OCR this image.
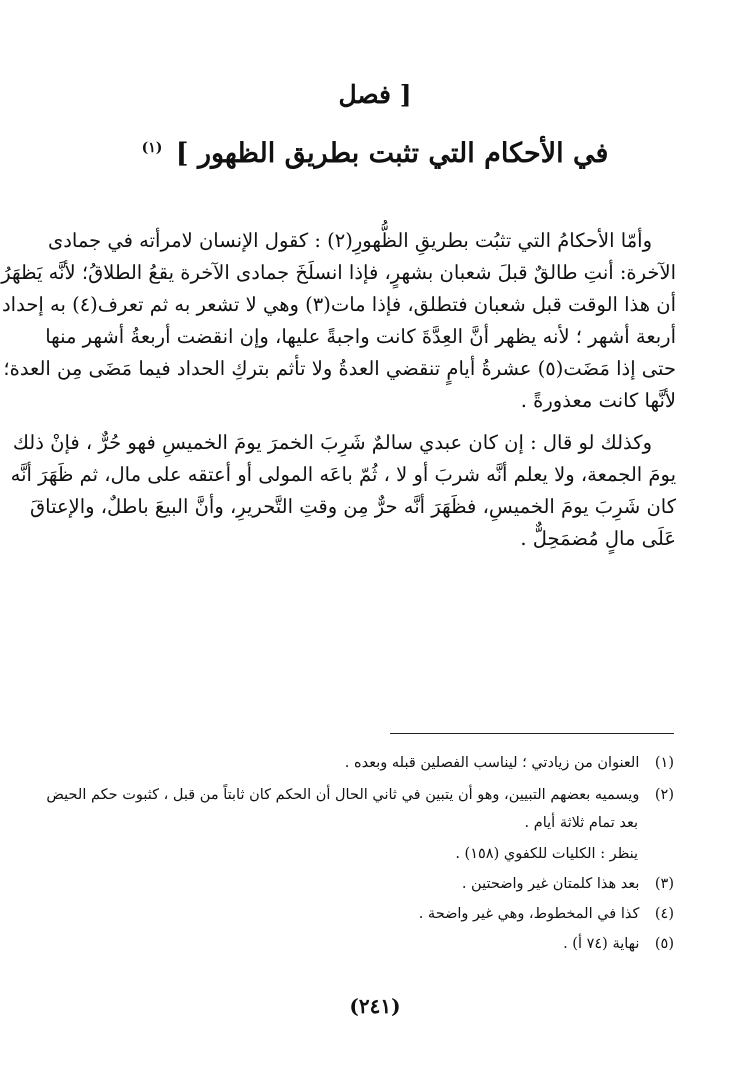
[ فصل
في الأحكام التي تثبت بطريق الظهور ] $^{(١)}$
وأمّا الأحكامُ التي تثبُت بطريقِ الظُّهورِ(٢) : كقول الإنسان لامرأته في جمادى
الآخرة: أنتِ طالقٌ قبلَ شعبان بشهرٍ، فإذا انسلَخَ جمادى الآخرة يقعُ الطلاقُ؛ لأنَّه يَظهَرُ
أن هذا الوقت قبل شعبان فتطلق، فإذا مات(٣) وهي لا تشعر به ثم تعرف(٤) به إحداد
أربعة أشهر ؛ لأنه يظهر أنَّ العِدَّةَ كانت واجبةً عليها، وإن انقضت أربعةُ أشهر منها
حتى إذا مَضَت(٥) عشرةُ أيامٍ تنقضي العدةُ ولا تأثم بتركِ الحداد فيما مَضَى مِن العدة؛
لأنَّها كانت معذورةً .
وكذلك لو قال : إن كان عبدي سالمٌ شَرِبَ الخمرَ يومَ الخميسِ فهو حُرٌّ ، فإنْ ذلك
يومَ الجمعة، ولا يعلم أنَّه شربَ أو لا ، ثُمّ باعَه المولى أو أعتقه على مال، ثم ظَهَرَ أنَّه
كان شَرِبَ يومَ الخميسِ، فظَهَرَ أنَّه حرٌّ مِن وقتِ التَّحريرِ، وأنَّ البيعَ باطلٌ، والإعتاقَ
عَلَى مالٍ مُضمَحِلٌّ .
(١) العنوان من زيادتي ؛ ليناسب الفصلين قبله وبعده .
(٢) ويسميه بعضهم التبيين، وهو أن يتبين في ثاني الحال أن الحكم كان ثابتاً من قبل ، كثبوت حكم الحيض
بعد تمام ثلاثة أيام .
ينظر : الكليات للكفوي (١٥٨) .
(٣) بعد هذا كلمتان غير واضحتين .
(٤) كذا في المخطوط، وهي غير واضحة .
(٥) نهاية (٧٤ أ) .
(٢٤١)
